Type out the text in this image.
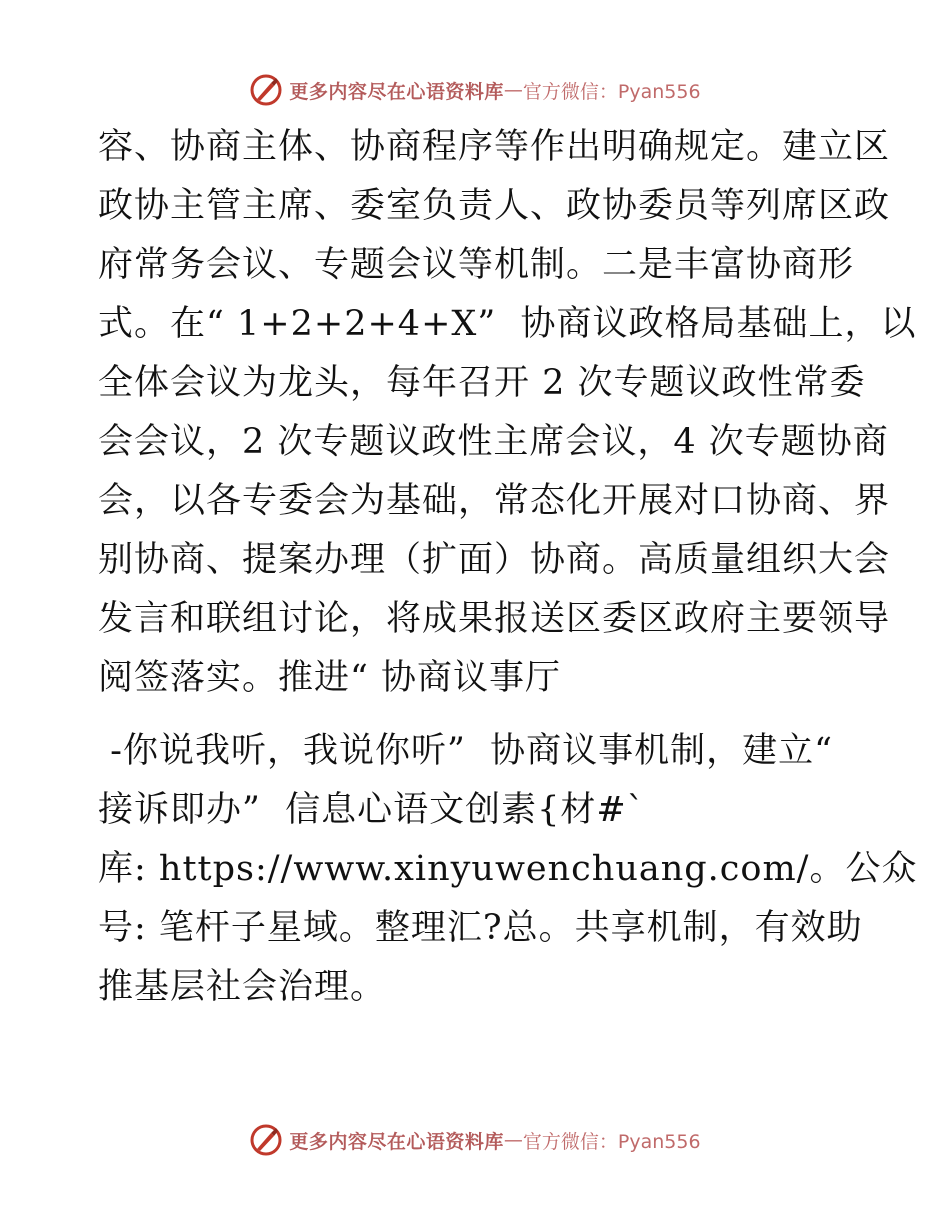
更多内容尽在心语资料库 — 官方微信：Pyan556
容、协商主体、协商程序等作出明确规定。建立区
政协主管主席、委室负责人、政协委员等列席区政
府常务会议、专题会议等机制。二是丰富协商形
式。在“ 1+2+2+4+X”  协商议政格局基础上，以
全体会议为龙头，每年召开 2 次专题议政性常委
会会议，2 次专题议政性主席会议，4 次专题协商
会，以各专委会为基础，常态化开展对口协商、界
别协商、提案办理（扩面）协商。高质量组织大会
发言和联组讨论，将成果报送区委区政府主要领导
阅签落实。推进“ 协商议事厅
-你说我听，我说你听”  协商议事机制，建立“
接诉即办”  信息心语文创素{材#`
库: https://www.xinyuwenchuang.com/。公众
号: 笔杆子星域。整理汇?总。共享机制，有效助
推基层社会治理。
更多内容尽在心语资料库 — 官方微信：Pyan556
